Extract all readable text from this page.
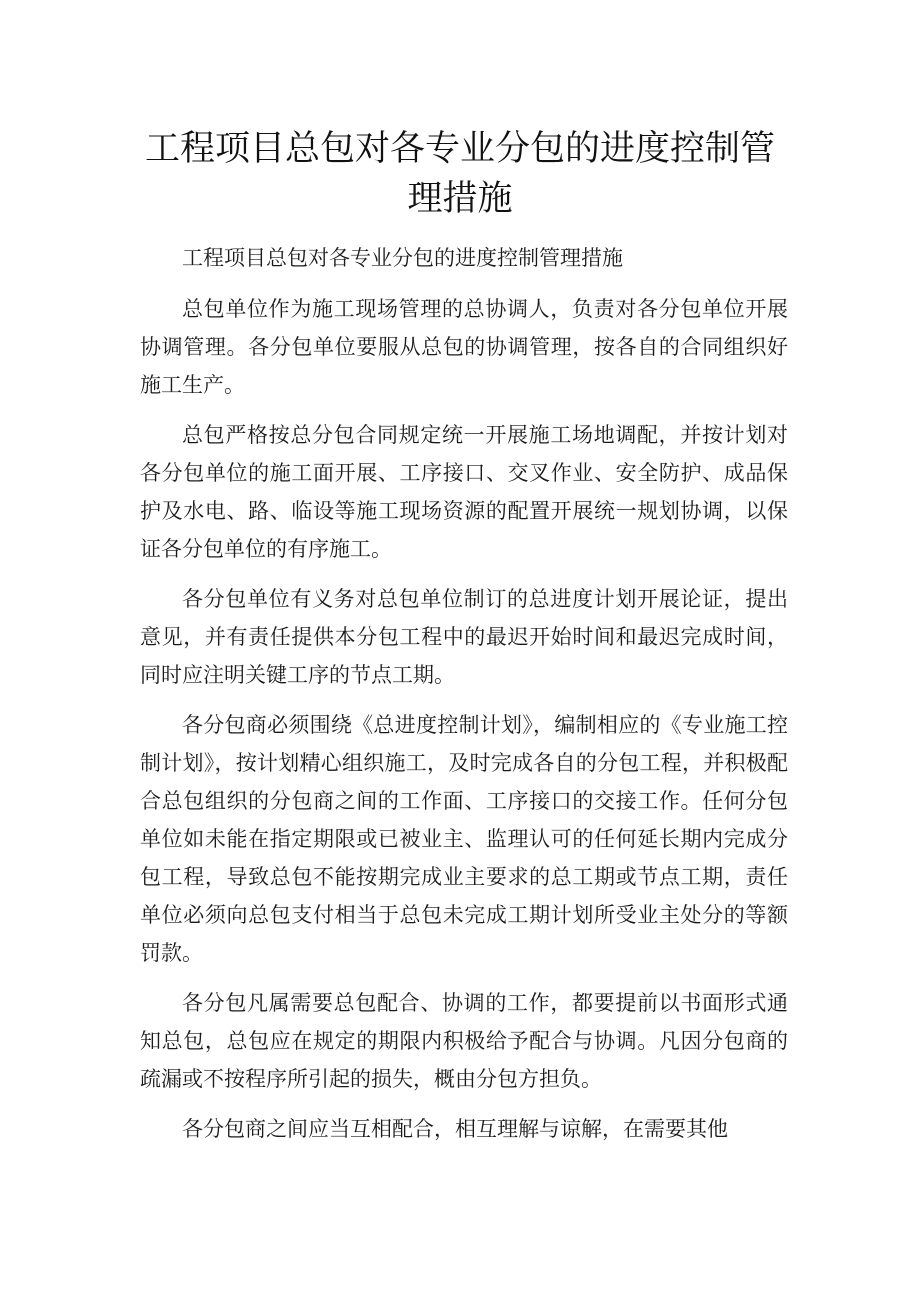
工程项目总包对各专业分包的进度控制管理措施

工程项目总包对各专业分包的进度控制管理措施

总包单位作为施工现场管理的总协调人，负责对各分包单位开展协调管理。各分包单位要服从总包的协调管理，按各自的合同组织好施工生产。

总包严格按总分包合同规定统一开展施工场地调配，并按计划对各分包单位的施工面开展、工序接口、交叉作业、安全防护、成品保护及水电、路、临设等施工现场资源的配置开展统一规划协调，以保证各分包单位的有序施工。

各分包单位有义务对总包单位制订的总进度计划开展论证，提出意见，并有责任提供本分包工程中的最迟开始时间和最迟完成时间，同时应注明关键工序的节点工期。

各分包商必须围绕《总进度控制计划》，编制相应的《专业施工控制计划》，按计划精心组织施工，及时完成各自的分包工程，并积极配合总包组织的分包商之间的工作面、工序接口的交接工作。任何分包单位如未能在指定期限或已被业主、监理认可的任何延长期内完成分包工程，导致总包不能按期完成业主要求的总工期或节点工期，责任单位必须向总包支付相当于总包未完成工期计划所受业主处分的等额罚款。

各分包凡属需要总包配合、协调的工作，都要提前以书面形式通知总包，总包应在规定的期限内积极给予配合与协调。凡因分包商的疏漏或不按程序所引起的损失，概由分包方担负。

各分包商之间应当互相配合，相互理解与谅解，在需要其他
